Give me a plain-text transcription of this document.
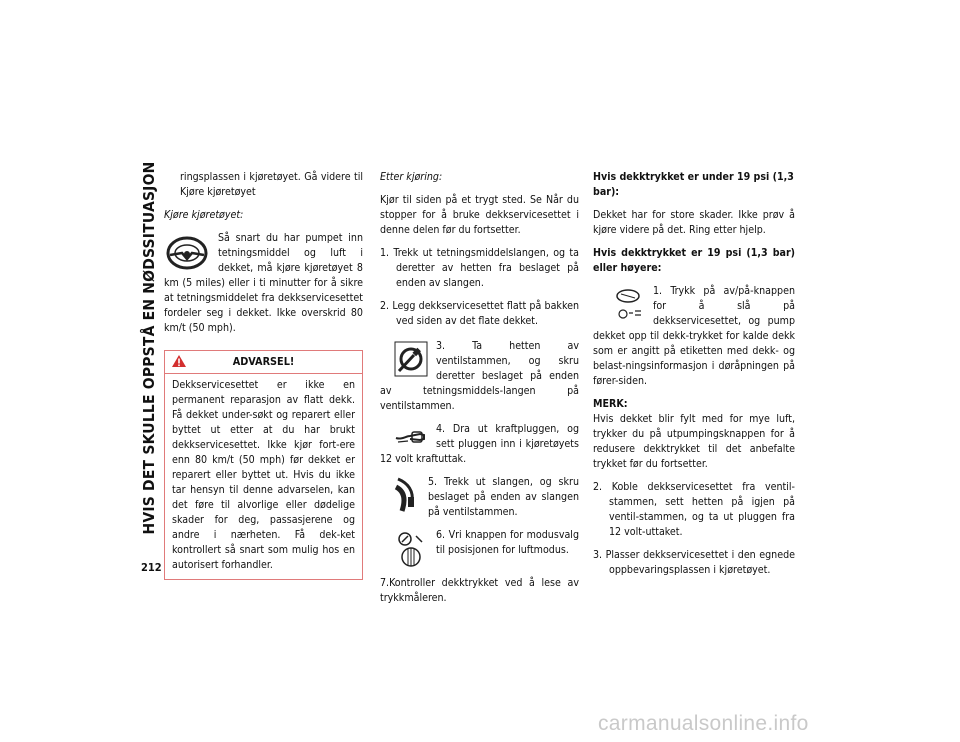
HVIS DET SKULLE OPPSTÅ EN NØDSSITUASJON
212

ringsplassen i kjøretøyet. Gå videre til Kjøre kjøretøyet

Kjøre kjøretøyet:

Så snart du har pumpet inn tetningsmiddel og luft i dekket, må kjøre kjøretøyet 8 km (5 miles) eller i ti minutter for å sikre at tetningsmiddelet fra dekkservicesettet fordeler seg i dekket. Ikke overskrid 80 km/t (50 mph).

ADVARSEL!
Dekkservicesettet er ikke en permanent reparasjon av flatt dekk. Få dekket under-søkt og reparert eller byttet ut etter at du har brukt dekkservicesettet. Ikke kjør fort-ere enn 80 km/t (50 mph) før dekket er reparert eller byttet ut. Hvis du ikke tar hensyn til denne advarselen, kan det føre til alvorlige eller dødelige skader for deg, passasjerene og andre i nærheten. Få dek-ket kontrollert så snart som mulig hos en autorisert forhandler.

Etter kjøring:

Kjør til siden på et trygt sted. Se Når du stopper for å bruke dekkservicesettet i denne delen før du fortsetter.

1. Trekk ut tetningsmiddelslangen, og ta deretter av hetten fra beslaget på enden av slangen.

2. Legg dekkservicesettet flatt på bakken ved siden av det flate dekket.

3. Ta hetten av ventilstammen, og skru deretter beslaget på enden av tetningsmiddels-langen på ventilstammen.
4. Dra ut kraftpluggen, og sett pluggen inn i kjøretøyets 12 volt kraftuttak.
5. Trekk ut slangen, og skru beslaget på enden av slangen på ventilstammen.
6. Vri knappen for modusvalg til posisjonen for luftmodus.

7.Kontroller dekktrykket ved å lese av trykkmåleren.

Hvis dekktrykket er under 19 psi (1,3 bar):

Dekket har for store skader. Ikke prøv å kjøre videre på det. Ring etter hjelp.

Hvis dekktrykket er 19 psi (1,3 bar) eller høyere:

1. Trykk på av/på-knappen for å slå på dekkservicesettet, og pump dekket opp til dekk-trykket for kalde dekk som er angitt på etiketten med dekk- og belast-ningsinformasjon i døråpningen på fører-siden.

MERK:

Hvis dekket blir fylt med for mye luft, trykker du på utpumpingsknappen for å redusere dekktrykket til det anbefalte trykket før du fortsetter.

2. Koble dekkservicesettet fra ventil-stammen, sett hetten på igjen på ventil-stammen, og ta ut pluggen fra 12 volt-uttaket.

3. Plasser dekkservicesettet i den egnede oppbevaringsplassen i kjøretøyet.

carmanualsonline.info
